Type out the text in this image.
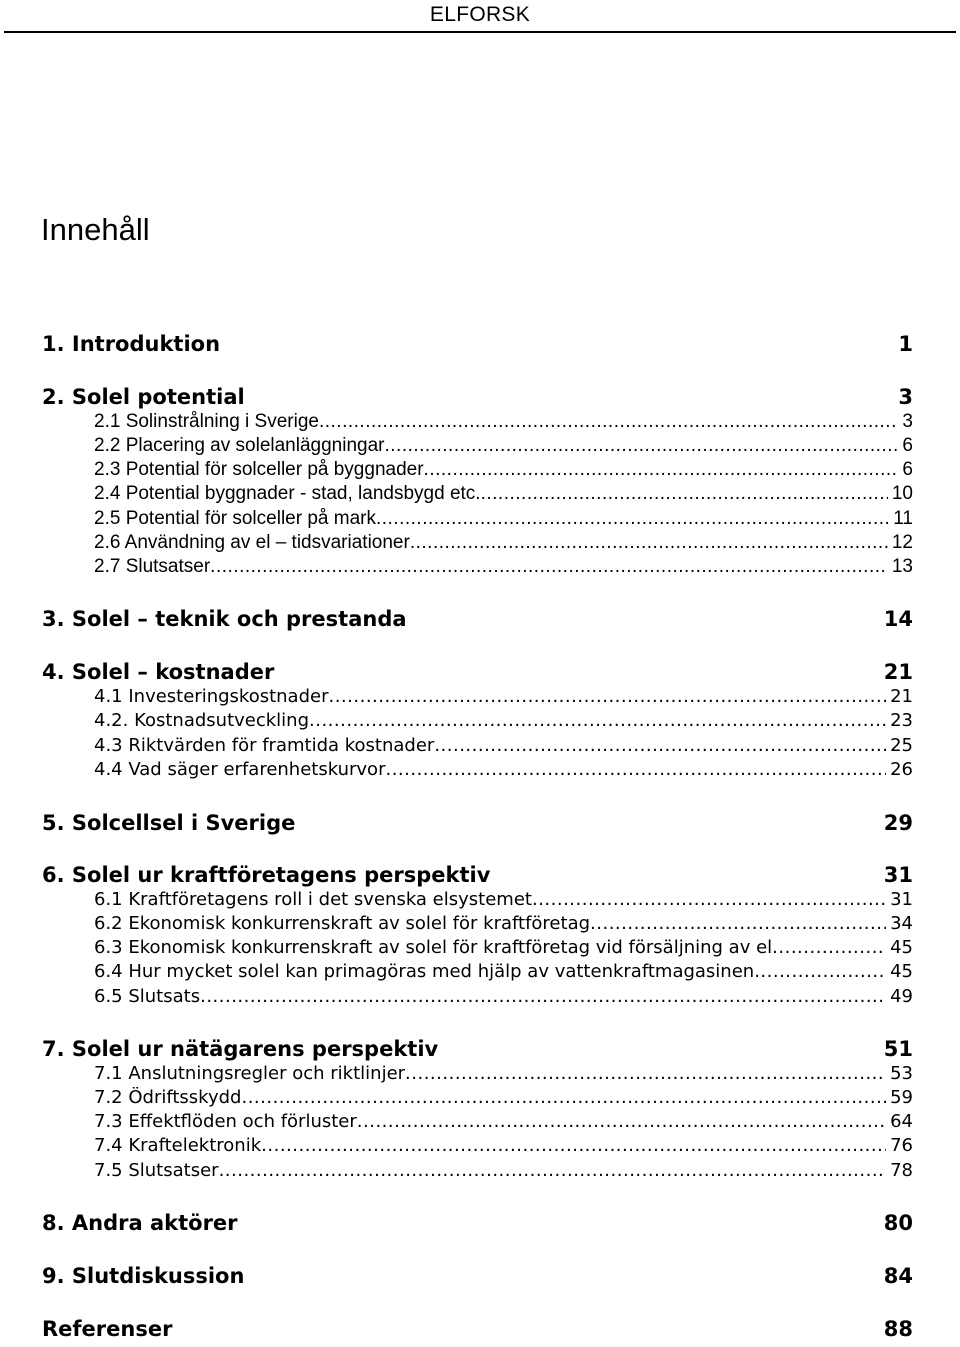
ELFORSK
Innehåll
1. Introduktion	1
2. Solel potential	3
2.1 Solinstrålning i Sverige .....	3
2.2 Placering av solelanläggningar .....	6
2.3 Potential för solceller på byggnader .....	6
2.4 Potential byggnader - stad, landsbygd etc. .....	10
2.5 Potential för solceller på mark .....	11
2.6 Användning av el – tidsvariationer .....	12
2.7 Slutsatser .....	13
3. Solel – teknik och prestanda	14
4. Solel – kostnader	21
4.1 Investeringskostnader .....	21
4.2. Kostnadsutveckling .....	23
4.3 Riktvärden för framtida kostnader .....	25
4.4 Vad säger erfarenhetskurvor .....	26
5. Solcellsel i Sverige	29
6. Solel ur kraftföretagens perspektiv	31
6.1 Kraftföretagens roll i det svenska elsystemet .....	31
6.2 Ekonomisk konkurrenskraft av solel för kraftföretag .....	34
6.3 Ekonomisk konkurrenskraft av solel för kraftföretag vid försäljning av el .....	45
6.4 Hur mycket solel kan primagöras med hjälp av vattenkraftmagasinen .....	45
6.5 Slutsats .....	49
7. Solel ur nätägarens perspektiv	51
7.1 Anslutningsregler och riktlinjer .....	53
7.2 Ödriftsskydd .....	59
7.3 Effektflöden och förluster .....	64
7.4 Kraftelektronik .....	76
7.5 Slutsatser .....	78
8. Andra aktörer	80
9. Slutdiskussion	84
Referenser	88
